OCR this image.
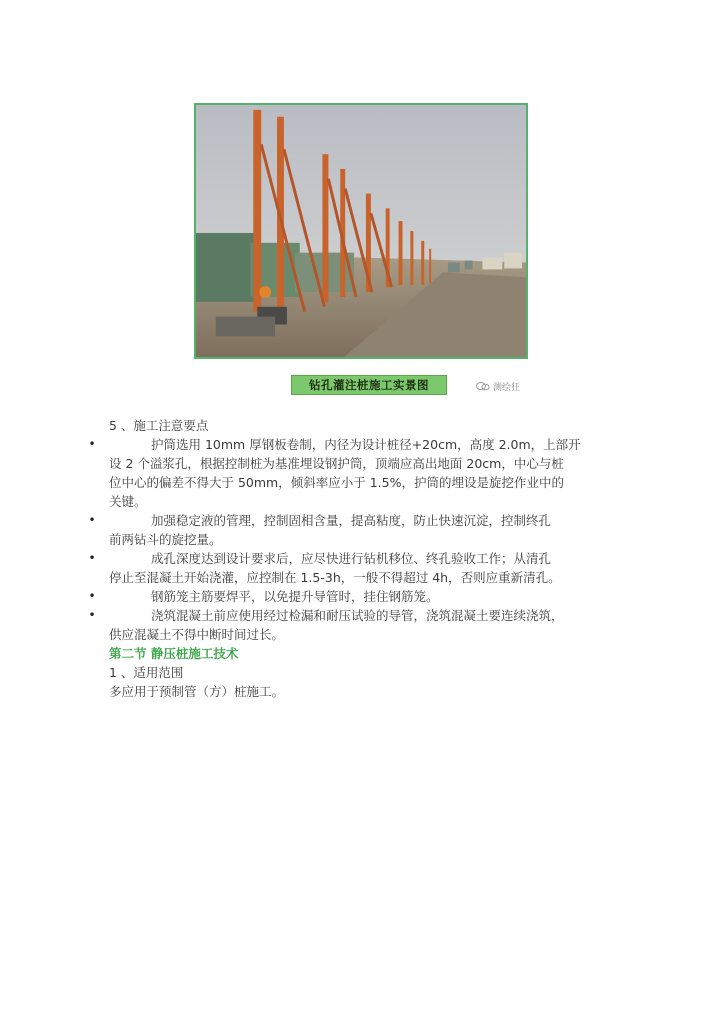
钻孔灌注桩施工实景图	测绘狂
5 、施工注意要点
•	护筒选用 10mm 厚钢板卷制，内径为设计桩径+20cm，高度 2.0m，上部开
设 2 个溢浆孔，根据控制桩为基准埋设钢护筒，顶端应高出地面 20cm，中心与桩
位中心的偏差不得大于 50mm，倾斜率应小于 1.5%，护筒的埋设是旋挖作业中的
关键。
•	加强稳定液的管理，控制固相含量，提高粘度，防止快速沉淀，控制终孔
前两钻斗的旋挖量。
•	成孔深度达到设计要求后，应尽快进行钻机移位、终孔验收工作；从清孔
停止至混凝土开始浇灌，应控制在 1.5-3h，一般不得超过 4h，否则应重新清孔。
•	钢筋笼主筋要焊平，以免提升导管时，挂住钢筋笼。
•	浇筑混凝土前应使用经过检漏和耐压试验的导管，浇筑混凝土要连续浇筑，
供应混凝土不得中断时间过长。
第二节 静压桩施工技术
1 、适用范围
多应用于预制管（方）桩施工。
